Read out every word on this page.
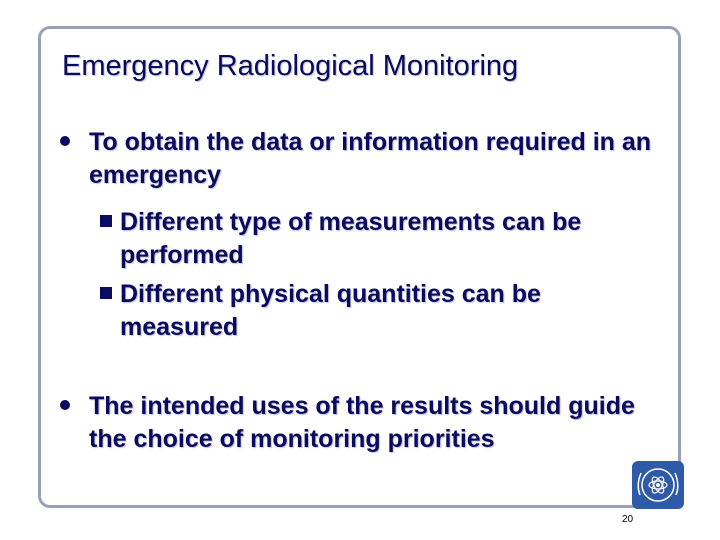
Emergency Radiological Monitoring
To obtain the data or information required in an emergency
Different type of measurements can be performed
Different physical quantities can be measured
The intended uses of the results should guide the choice of monitoring priorities
20
